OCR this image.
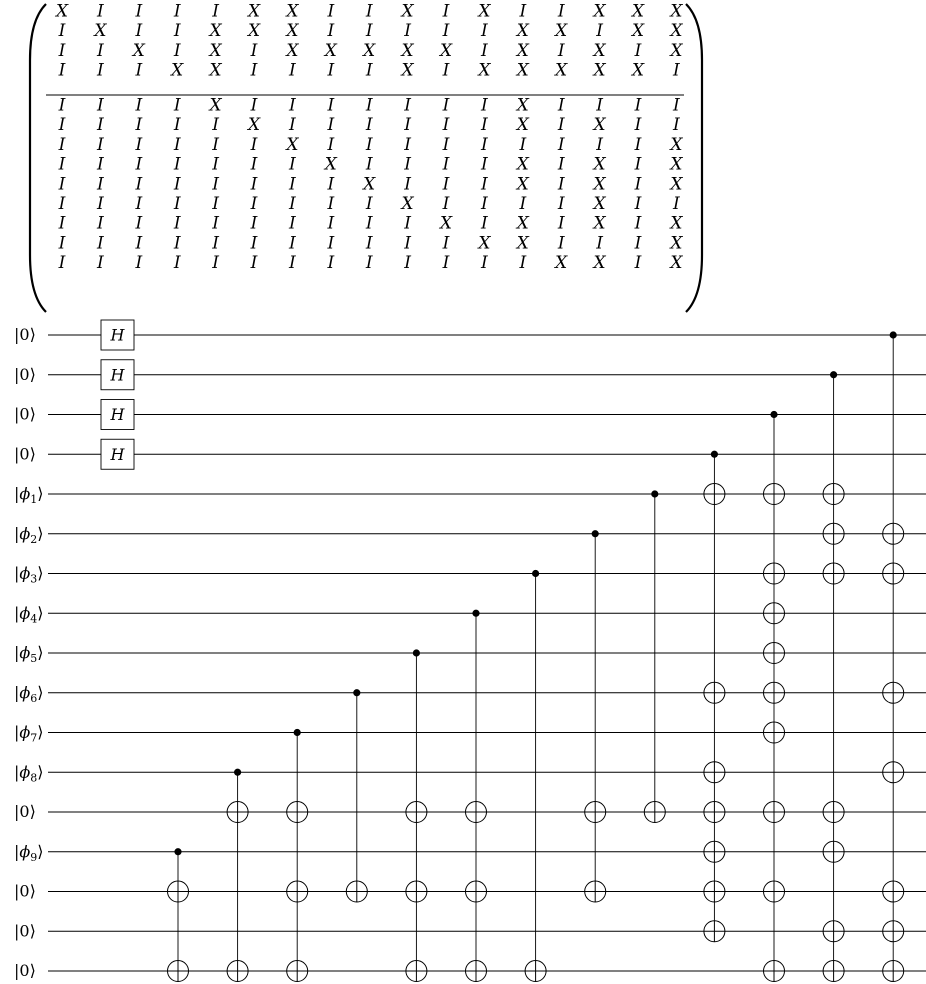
X I I I I X X I I X I X I I X X X
I X I I X X X I I I I I X X I X X
I I X I X I X X X X X I X I X I X
I I I X X I I I I X I X X X X X I
I I I I X I I I I I I I X I I I I
I I I I I X I I I I I I X I X I I
I I I I I I X I I I I I I I I I X
I I I I I I I X I I I I X I X I X
I I I I I I I I X I I I X I X I X
I I I I I I I I I X I I I I X I I
I I I I I I I I I I X I X I X I X
I I I I I I I I I I I X X I I I X
I I I I I I I I I I I I I X X I X
|0⟩
|0⟩
|0⟩
|0⟩
$|\phi_1⟩$
$|\phi_2⟩$
$|\phi_3⟩$
$|\phi_4⟩$
$|\phi_5⟩$
$|\phi_6⟩$
$|\phi_7⟩$
$|\phi_8⟩$
|0⟩
$|\phi_9⟩$
|0⟩
|0⟩
|0⟩
H
H
H
H
